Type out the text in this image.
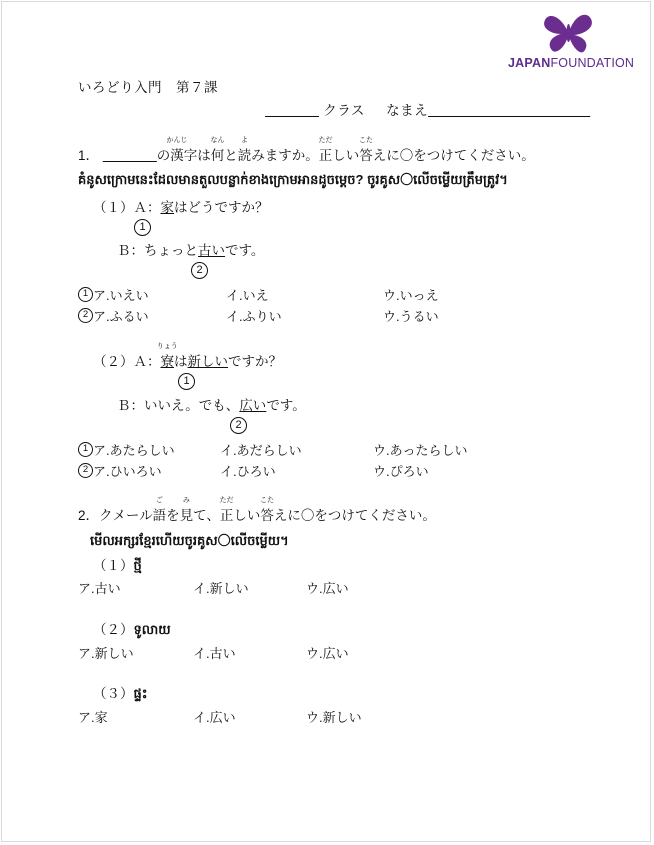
JAPANFOUNDATION
いろどり入門　第７課
＿＿＿＿ クラス なまえ＿＿＿＿＿＿＿＿＿＿＿＿
1． ＿＿＿＿
かんじ
の漢字は
なん
何と
よ
読みますか。
ただ
正しい
こた
答えに〇をつけてください。
គំនូសក្រោមនេះដែលមានតួលបន្លាក់ខាងក្រោមអានដូចម្តេច? ចូរគូស〇លើចម្លើយត្រឹមត្រូវ។
（１）Ａ：家はどうですか？
1
Ｂ：ちょっと古いです。
2
1 ア.いえい	イ.いえ	ウ.いっえ
2 ア.ふるい	イ.ふりい	ウ.うるい
（２）Ａ：
りょう
寮は新しいですか？
1
Ｂ：いいえ。でも、広いです。
2
1 ア.あたらしい	イ.あだらしい	ウ.あったらしい
2 ア.ひいろい	イ.ひろい	ウ.ぴろい
2．クメール
ご
語を
み
見て、
ただ
正しい
こた
答えに〇をつけてください。
មើលអក្សរខ្មែរហើយចូរគូស〇លើចម្លើយ។
（１）ថ្មី
ア.古い	イ.新しい	ウ.広い
（２）ទូលាយ
ア.新しい	イ.古い	ウ.広い
（３）ផ្ទះ
ア.家	イ.広い	ウ.新しい
